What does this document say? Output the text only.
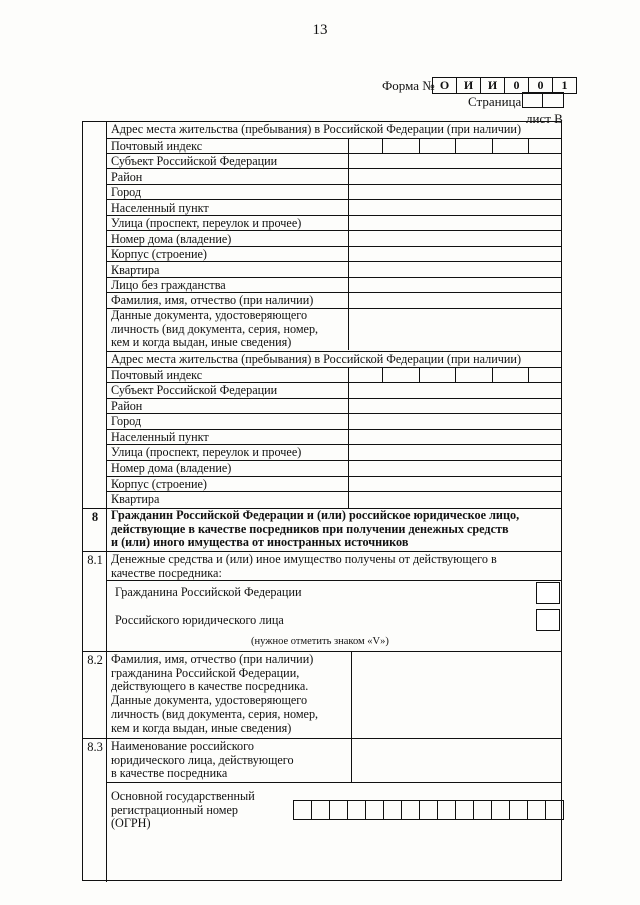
13
Форма № О	И	И	0	0	1
Страница
лист В
Адрес места жительства (пребывания) в Российской Федерации (при наличии)
Почтовый индекс
Субъект Российской Федерации
Район
Город
Населенный пункт
Улица (проспект, переулок и прочее)
Номер дома (владение)
Корпус (строение)
Квартира
Лицо без гражданства
Фамилия, имя, отчество (при наличии)
Данные документа, удостоверяющего
личность (вид документа, серия, номер,
кем и когда выдан, иные сведения)
Адрес места жительства (пребывания) в Российской Федерации (при наличии)
Почтовый индекс
Субъект Российской Федерации
Район
Город
Населенный пункт
Улица (проспект, переулок и прочее)
Номер дома (владение)
Корпус (строение)
Квартира
8	Гражданин Российской Федерации и (или) российское юридическое лицо,
действующие в качестве посредников при получении денежных средств
и (или) иного имущества от иностранных источников
8.1 Денежные средства и (или) иное имущество получены от действующего в
качестве посредника:
Гражданина Российской Федерации
Российского юридического лица
(нужное отметить знаком «V»)
8.2 Фамилия, имя, отчество (при наличии)
гражданина Российской Федерации,
действующего в качестве посредника.
Данные документа, удостоверяющего
личность (вид документа, серия, номер,
кем и когда выдан, иные сведения)
8.3 Наименование российского
юридического лица, действующего
в качестве посредника
Основной государственный
регистрационный номер
(ОГРН)
